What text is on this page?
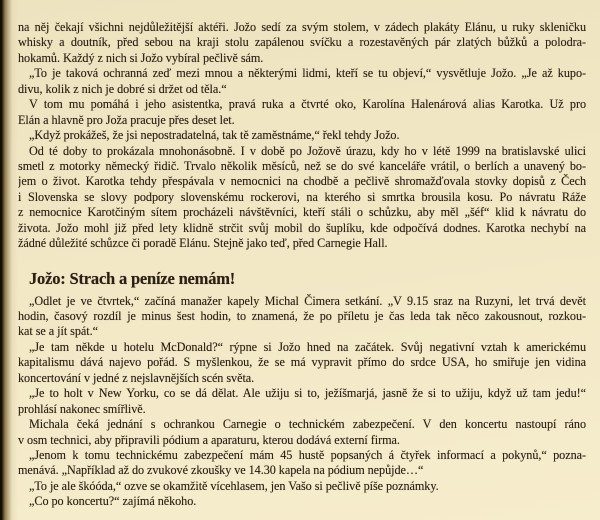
na něj čekají všichni nejdůležitější aktéři. Jožo sedí za svým stolem, v zádech plakáty Elánu, u ruky skleničku
whisky a doutník, před sebou na kraji stolu zapálenou svíčku a rozestavěných pár zlatých bůžků a polodra-
hokamů. Každý z nich si Jožo vybíral pečlivě sám.
„To je taková ochranná zeď mezi mnou a některými lidmi, kteří se tu objeví,“ vysvětluje Jožo. „Je až kupo-
divu, kolik z nich je dobré si držet od těla.“
V tom mu pomáhá i jeho asistentka, pravá ruka a čtvrté oko, Karolína Halenárová alias Karotka. Už pro
Elán a hlavně pro Joža pracuje přes deset let.
„Když prokážeš, že jsi nepostradatelná, tak tě zaměstnáme,“ řekl tehdy Jožo.
Od té doby to prokázala mnohonásobně. I v době po Jožově úrazu, kdy ho v létě 1999 na bratislavské ulici
smetl z motorky německý řidič. Trvalo několik měsíců, než se do své kanceláře vrátil, o berlích a unavený bo-
jem o život. Karotka tehdy přespávala v nemocnici na chodbě a pečlivě shromažďovala stovky dopisů z Čech
i Slovenska se slovy podpory slovenskému rockerovi, na kterého si smrtka brousila kosu. Po návratu Ráže
z nemocnice Karotčiným sítem procházeli návštěvníci, kteří stáli o schůzku, aby měl „šéf“ klid k návratu do
života. Jožo mohl již před lety klidně strčit svůj mobil do šuplíku, kde odpočívá dodnes. Karotka nechybí na
žádné důležité schůzce či poradě Elánu. Stejně jako teď, před Carnegie Hall.
Jožo: Strach a peníze nemám!
„Odlet je ve čtvrtek,“ začíná manažer kapely Michal Čimera setkání. „V 9.15 sraz na Ruzyni, let trvá devět
hodin, časový rozdíl je minus šest hodin, to znamená, že po příletu je čas leda tak něco zakousnout, rozkou-
kat se a jít spát.“
„Je tam někde u hotelu McDonald?“ rýpne si Jožo hned na začátek. Svůj negativní vztah k americkému
kapitalismu dává najevo pořád. S myšlenkou, že se má vypravit přímo do srdce USA, ho smiřuje jen vidina
koncertování v jedné z nejslavnějších scén světa.
„Je to holt v New Yorku, co se dá dělat. Ale užiju si to, ježíšmarjá, jasně že si to užiju, když už tam jedu!“
prohlásí nakonec smířlivě.
Michala čeká jednání s ochrankou Carnegie o technickém zabezpečení. V den koncertu nastoupí ráno
v osm technici, aby připravili pódium a aparaturu, kterou dodává externí firma.
„Jenom k tomu technickému zabezpečení mám 45 hustě popsaných á čtyřek informací a pokynů,“ pozna-
menává. „Například až do zvukové zkoušky ve 14.30 kapela na pódium nepůjde…“
„To je ale škóóda,“ ozve se okamžitě vícehlasem, jen Vašo si pečlivě píše poznámky.
„Co po koncertu?“ zajímá někoho.
